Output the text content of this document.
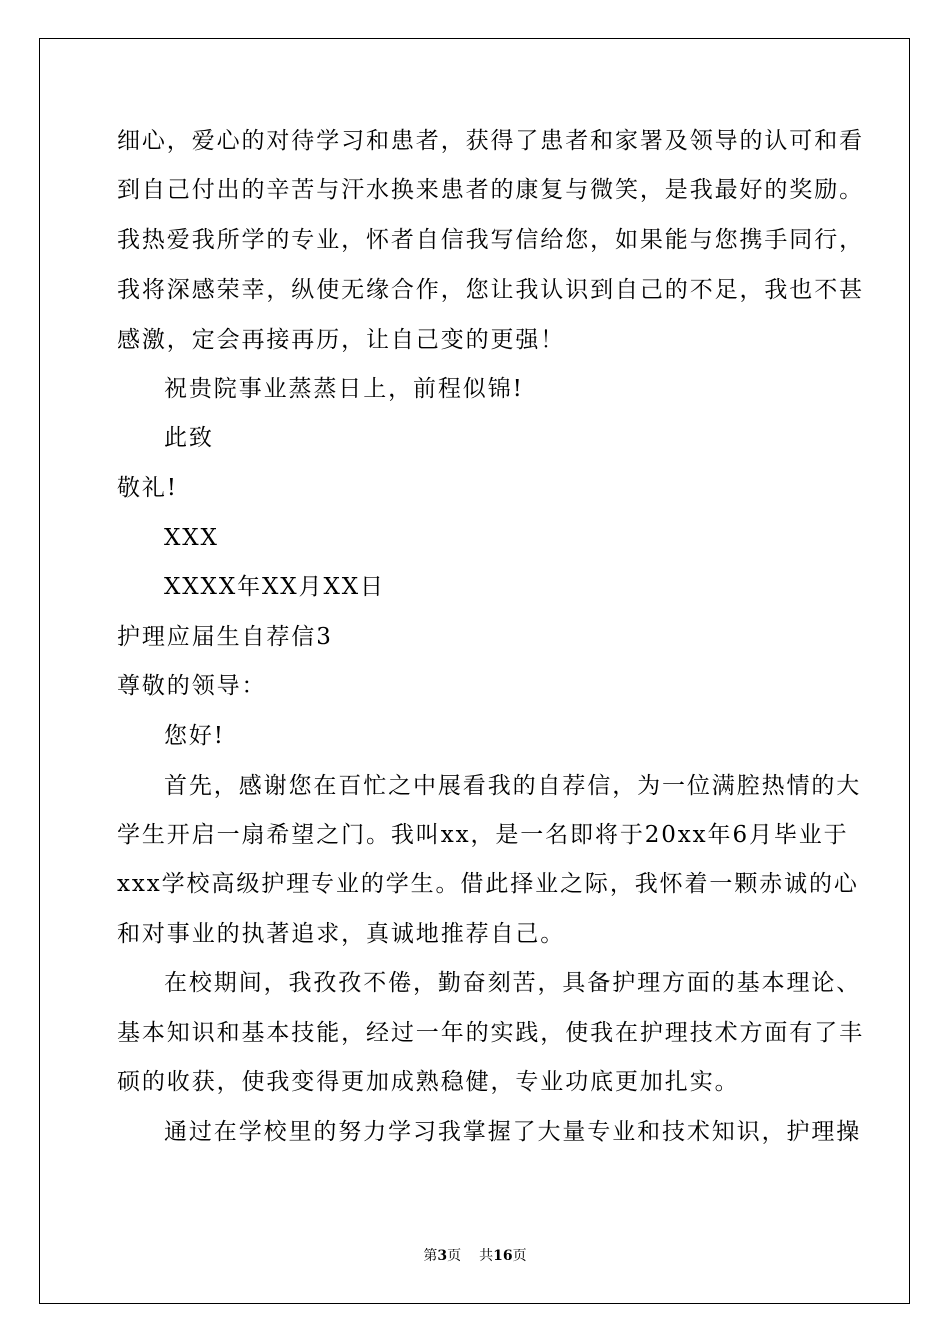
细心，爱心的对待学习和患者，获得了患者和家署及领导的认可和看
到自己付出的辛苦与汗水换来患者的康复与微笑，是我最好的奖励。
我热爱我所学的专业，怀者自信我写信给您，如果能与您携手同行，
我将深感荣幸，纵使无缘合作，您让我认识到自己的不足，我也不甚
感激，定会再接再历，让自己变的更强！
祝贵院事业蒸蒸日上，前程似锦!
此致
敬礼!
XXX
XXXX年XX月XX日
护理应届生自荐信3
尊敬的领导：
您好!
首先，感谢您在百忙之中展看我的自荐信，为一位满腔热情的大
学生开启一扇希望之门。我叫xx，是一名即将于20xx年6月毕业于
xxx学校高级护理专业的学生。借此择业之际，我怀着一颗赤诚的心
和对事业的执著追求，真诚地推荐自己。
在校期间，我孜孜不倦，勤奋刻苦，具备护理方面的基本理论、
基本知识和基本技能，经过一年的实践，使我在护理技术方面有了丰
硕的收获，使我变得更加成熟稳健，专业功底更加扎实。
通过在学校里的努力学习我掌握了大量专业和技术知识，护理操
第3页 共16页
